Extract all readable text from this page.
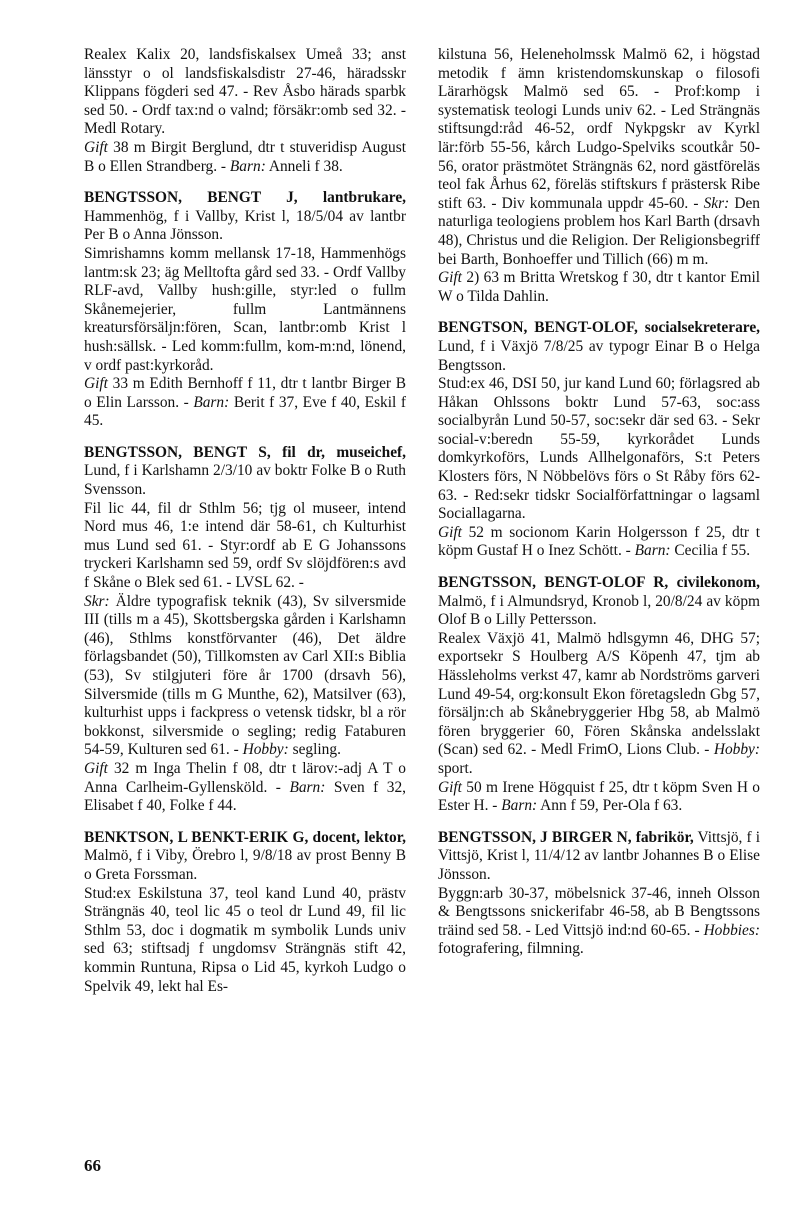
Realex Kalix 20, landsfiskalsex Umeå 33; anst länsstyr o ol landsfiskalsdistr 27-46, häradsskr Klippans fögderi sed 47. - Rev Åsbo härads sparbk sed 50. - Ordf tax:nd o valnd; försäkr:omb sed 32. - Medl Rotary.

Gift 38 m Birgit Berglund, dtr t stuveridisp August B o Ellen Strandberg. - Barn: Anneli f 38.

BENGTSSON, BENGT J, lantbrukare, Hammenhög, f i Vallby, Krist l, 18/5/04 av lantbr Per B o Anna Jönsson.

Simrishamns komm mellansk 17-18, Hammenhögs lantm:sk 23; äg Melltofta gård sed 33. - Ordf Vallby RLF-avd, Vallby hush:gille, styr:led o fullm Skånemejerier, fullm Lantmännens kreatursförsäljn:fören, Scan, lantbr:omb Krist l hush:sällsk. - Led komm:fullm, kom-m:nd, lönend, v ordf past:kyrkoråd.

Gift 33 m Edith Bernhoff f 11, dtr t lantbr Birger B o Elin Larsson. - Barn: Berit f 37, Eve f 40, Eskil f 45.

BENGTSSON, BENGT S, fil dr, museichef, Lund, f i Karlshamn 2/3/10 av boktr Folke B o Ruth Svensson.

Fil lic 44, fil dr Sthlm 56; tjg ol museer, intend Nord mus 46, 1:e intend där 58-61, ch Kulturhist mus Lund sed 61. - Styr:ordf ab E G Johanssons tryckeri Karlshamn sed 59, ordf Sv slöjdfören:s avd f Skåne o Blek sed 61. - LVSL 62. -

Skr: Äldre typografisk teknik (43), Sv silversmide III (tills m a 45), Skottsbergska gården i Karlshamn (46), Sthlms konstförvanter (46), Det äldre förlagsbandet (50), Tillkomsten av Carl XII:s Biblia (53), Sv stilgjuteri före år 1700 (drsavh 56), Silversmide (tills m G Munthe, 62), Matsilver (63), kulturhist upps i fackpress o vetensk tidskr, bl a rör bokkonst, silversmide o segling; redig Fataburen 54-59, Kulturen sed 61. - Hobby: segling.

Gift 32 m Inga Thelin f 08, dtr t lärov:-adj A T o Anna Carlheim-Gyllensköld. - Barn: Sven f 32, Elisabet f 40, Folke f 44.

BENKTSON, L BENKT-ERIK G, docent, lektor, Malmö, f i Viby, Örebro l, 9/8/18 av prost Benny B o Greta Forssman.

Stud:ex Eskilstuna 37, teol kand Lund 40, prästv Strängnäs 40, teol lic 45 o teol dr Lund 49, fil lic Sthlm 53, doc i dogmatik m symbolik Lunds univ sed 63; stiftsadj f ungdomsv Strängnäs stift 42, kommin Runtuna, Ripsa o Lid 45, kyrkoh Ludgo o Spelvik 49, lekt hal Es-

kilstuna 56, Heleneholmssk Malmö 62, i högstad metodik f ämn kristendomskunskap o filosofi Lärarhögsk Malmö sed 65. - Prof:komp i systematisk teologi Lunds univ 62. - Led Strängnäs stiftsungd:råd 46-52, ordf Nykpgskr av Kyrkl lär:förb 55-56, kårch Ludgo-Spelviks scoutkår 50-56, orator prästmötet Strängnäs 62, nord gästföreläs teol fak Århus 62, föreläs stiftskurs f prästersk Ribe stift 63. - Div kommunala uppdr 45-60. - Skr: Den naturliga teologiens problem hos Karl Barth (drsavh 48), Christus und die Religion. Der Religionsbegriff bei Barth, Bonhoeffer und Tillich (66) m m.

Gift 2) 63 m Britta Wretskog f 30, dtr t kantor Emil W o Tilda Dahlin.

BENGTSON, BENGT-OLOF, socialsekreterare, Lund, f i Växjö 7/8/25 av typogr Einar B o Helga Bengtsson.

Stud:ex 46, DSI 50, jur kand Lund 60; förlagsred ab Håkan Ohlssons boktr Lund 57-63, soc:ass socialbyrån Lund 50-57, soc:sekr där sed 63. - Sekr social-v:beredn 55-59, kyrkorådet Lunds domkyrkoförs, Lunds Allhelgonaförs, S:t Peters Klosters förs, N Nöbbelövs förs o St Råby förs 62-63. - Red:sekr tidskr Socialförfattningar o lagsaml Sociallagarna.

Gift 52 m socionom Karin Holgersson f 25, dtr t köpm Gustaf H o Inez Schött. - Barn: Cecilia f 55.

BENGTSSON, BENGT-OLOF R, civilekonom, Malmö, f i Almundsryd, Kronob l, 20/8/24 av köpm Olof B o Lilly Pettersson.

Realex Växjö 41, Malmö hdlsgymn 46, DHG 57; exportsekr S Houlberg A/S Köpenh 47, tjm ab Hässleholms verkst 47, kamr ab Nordströms garveri Lund 49-54, org:konsult Ekon företagsledn Gbg 57, försäljn:ch ab Skånebryggerier Hbg 58, ab Malmö fören bryggerier 60, Fören Skånska andelsslakt (Scan) sed 62. - Medl FrimO, Lions Club. - Hobby: sport.

Gift 50 m Irene Högquist f 25, dtr t köpm Sven H o Ester H. - Barn: Ann f 59, Per-Ola f 63.

BENGTSSON, J BIRGER N, fabrikör, Vittsjö, f i Vittsjö, Krist l, 11/4/12 av lantbr Johannes B o Elise Jönsson.

Byggn:arb 30-37, möbelsnick 37-46, inneh Olsson & Bengtssons snickerifabr 46-58, ab B Bengtssons träind sed 58. - Led Vittsjö ind:nd 60-65. - Hobbies: fotografering, filmning.

66
